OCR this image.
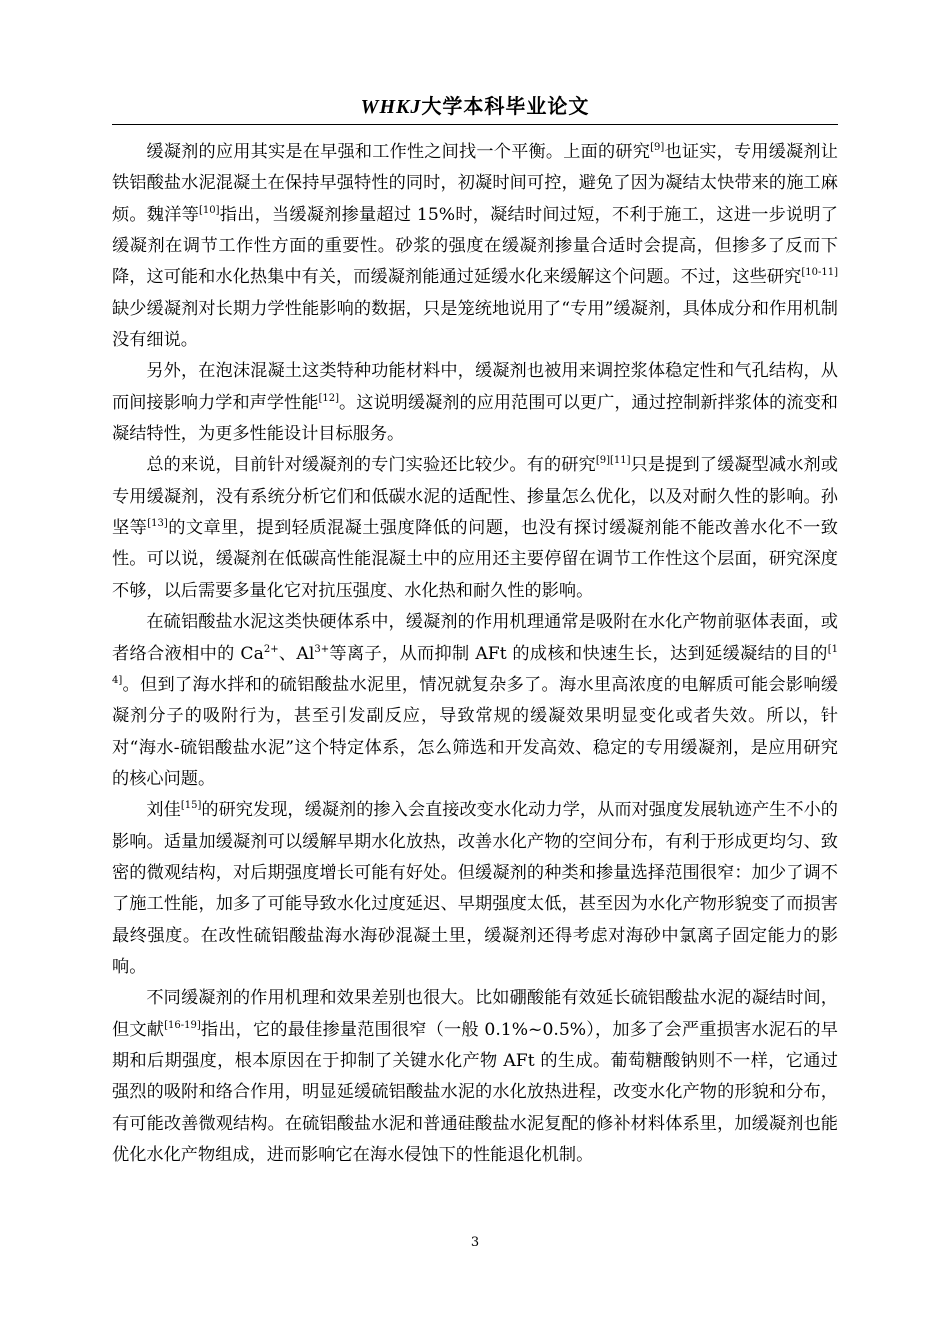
WHKJ大学本科毕业论文

缓凝剂的应用其实是在早强和工作性之间找一个平衡。上面的研究[9]也证实，专用缓凝剂让铁铝酸盐水泥混凝土在保持早强特性的同时，初凝时间可控，避免了因为凝结太快带来的施工麻烦。魏洋等[10]指出，当缓凝剂掺量超过 15%时，凝结时间过短，不利于施工，这进一步说明了缓凝剂在调节工作性方面的重要性。砂浆的强度在缓凝剂掺量合适时会提高，但掺多了反而下降，这可能和水化热集中有关，而缓凝剂能通过延缓水化来缓解这个问题。不过，这些研究[10-11]缺少缓凝剂对长期力学性能影响的数据，只是笼统地说用了“专用”缓凝剂，具体成分和作用机制没有细说。

另外，在泡沫混凝土这类特种功能材料中，缓凝剂也被用来调控浆体稳定性和气孔结构，从而间接影响力学和声学性能[12]。这说明缓凝剂的应用范围可以更广，通过控制新拌浆体的流变和凝结特性，为更多性能设计目标服务。

总的来说，目前针对缓凝剂的专门实验还比较少。有的研究[9][11]只是提到了缓凝型减水剂或专用缓凝剂，没有系统分析它们和低碳水泥的适配性、掺量怎么优化，以及对耐久性的影响。孙坚等[13]的文章里，提到轻质混凝土强度降低的问题，也没有探讨缓凝剂能不能改善水化不一致性。可以说，缓凝剂在低碳高性能混凝土中的应用还主要停留在调节工作性这个层面，研究深度不够，以后需要多量化它对抗压强度、水化热和耐久性的影响。

在硫铝酸盐水泥这类快硬体系中，缓凝剂的作用机理通常是吸附在水化产物前驱体表面，或者络合液相中的 $Ca^{2+}$、$Al^{3+}$等离子，从而抑制 AFt 的成核和快速生长，达到延缓凝结的目的[14]。但到了海水拌和的硫铝酸盐水泥里，情况就复杂多了。海水里高浓度的电解质可能会影响缓凝剂分子的吸附行为，甚至引发副反应，导致常规的缓凝效果明显变化或者失效。所以，针对“海水-硫铝酸盐水泥”这个特定体系，怎么筛选和开发高效、稳定的专用缓凝剂，是应用研究的核心问题。

刘佳[15]的研究发现，缓凝剂的掺入会直接改变水化动力学，从而对强度发展轨迹产生不小的影响。适量加缓凝剂可以缓解早期水化放热，改善水化产物的空间分布，有利于形成更均匀、致密的微观结构，对后期强度增长可能有好处。但缓凝剂的种类和掺量选择范围很窄：加少了调不了施工性能，加多了可能导致水化过度延迟、早期强度太低，甚至因为水化产物形貌变了而损害最终强度。在改性硫铝酸盐海水海砂混凝土里，缓凝剂还得考虑对海砂中氯离子固定能力的影响。

不同缓凝剂的作用机理和效果差别也很大。比如硼酸能有效延长硫铝酸盐水泥的凝结时间，但文献[16-19]指出，它的最佳掺量范围很窄（一般 0.1%~0.5%），加多了会严重损害水泥石的早期和后期强度，根本原因在于抑制了关键水化产物 AFt 的生成。葡萄糖酸钠则不一样，它通过强烈的吸附和络合作用，明显延缓硫铝酸盐水泥的水化放热进程，改变水化产物的形貌和分布，有可能改善微观结构。在硫铝酸盐水泥和普通硅酸盐水泥复配的修补材料体系里，加缓凝剂也能优化水化产物组成，进而影响它在海水侵蚀下的性能退化机制。

3
